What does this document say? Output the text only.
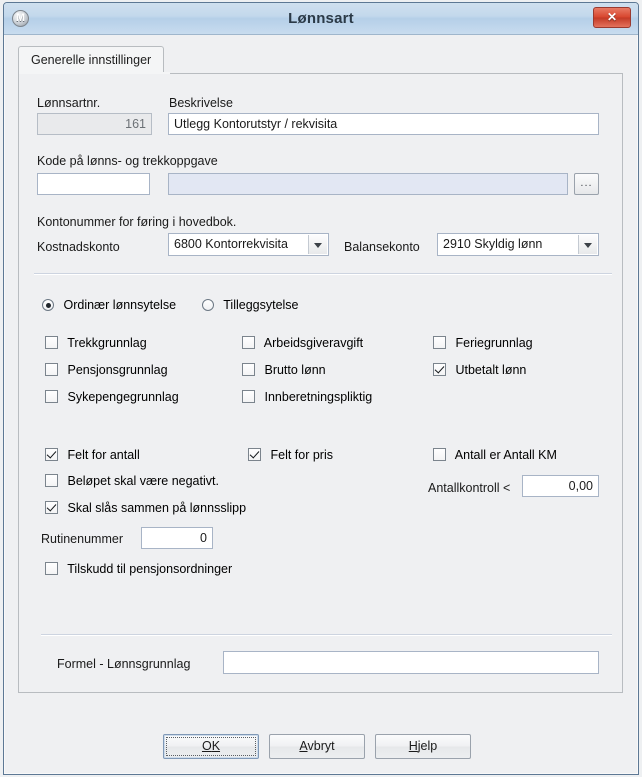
M	Lønnsart	✕
Generelle innstillinger
Lønnsartnr.	Beskrivelse
161
Utlegg Kontorutstyr / rekvisita
Kode på lønns- og trekkoppgave
...
Kontonummer for føring i hovedbok.
Kostnadskonto	6800 Kontorrekvisita	Balansekonto 2910 Skyldig lønn
Ordinær lønnsytelse	Tilleggsytelse
Trekkgrunnlag
Pensjonsgrunnlag
Sykepengegrunnlag
Arbeidsgiveravgift
Brutto lønn
Innberetningspliktig
Feriegrunnlag
Utbetalt lønn
Felt for antall	Felt for pris	Antall er Antall KM
Beløpet skal være negativt.	Antallkontroll <
0,00
Skal slås sammen på lønnsslipp
Rutinenummer
0
Tilskudd til pensjonsordninger
Formel - Lønnsgrunnlag
OK	Avbryt	Hjelp
